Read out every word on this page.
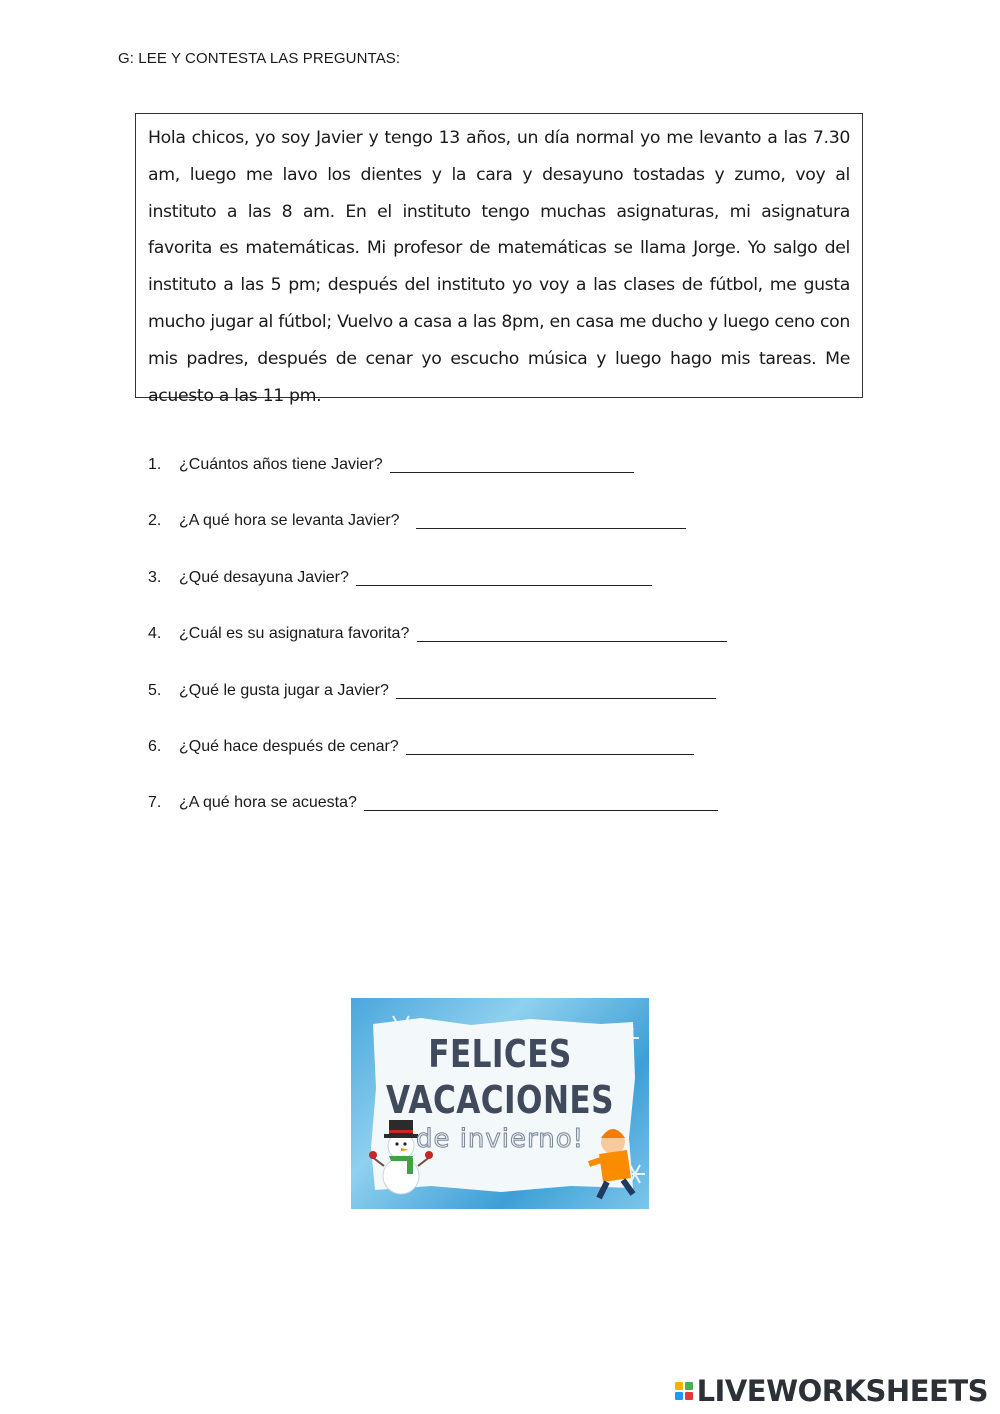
G: LEE Y CONTESTA LAS PREGUNTAS:

Hola chicos, yo soy Javier y tengo 13 años, un día normal yo me levanto a las 7.30 am, luego me lavo los dientes y la cara y desayuno tostadas y zumo, voy al instituto a las 8 am. En el instituto tengo muchas asignaturas, mi asignatura favorita es matemáticas. Mi profesor de matemáticas se llama Jorge. Yo salgo del instituto a las 5 pm; después del instituto yo voy a las clases de fútbol, me gusta mucho jugar al fútbol; Vuelvo a casa a las 8pm, en casa me ducho y luego ceno con mis padres, después de cenar yo escucho música y luego hago mis tareas. Me acuesto a las 11 pm.

1.	¿Cuántos años tiene Javier?
2.	¿A qué hora se levanta Javier?
3.	¿Qué desayuna Javier?
4.	¿Cuál es su asignatura favorita?
5.	¿Qué le gusta jugar a Javier?
6.	¿Qué hace después de cenar?
7.	¿A qué hora se acuesta?
FELICES
VACACIONES
de invierno!
LIVEWORKSHEETS
